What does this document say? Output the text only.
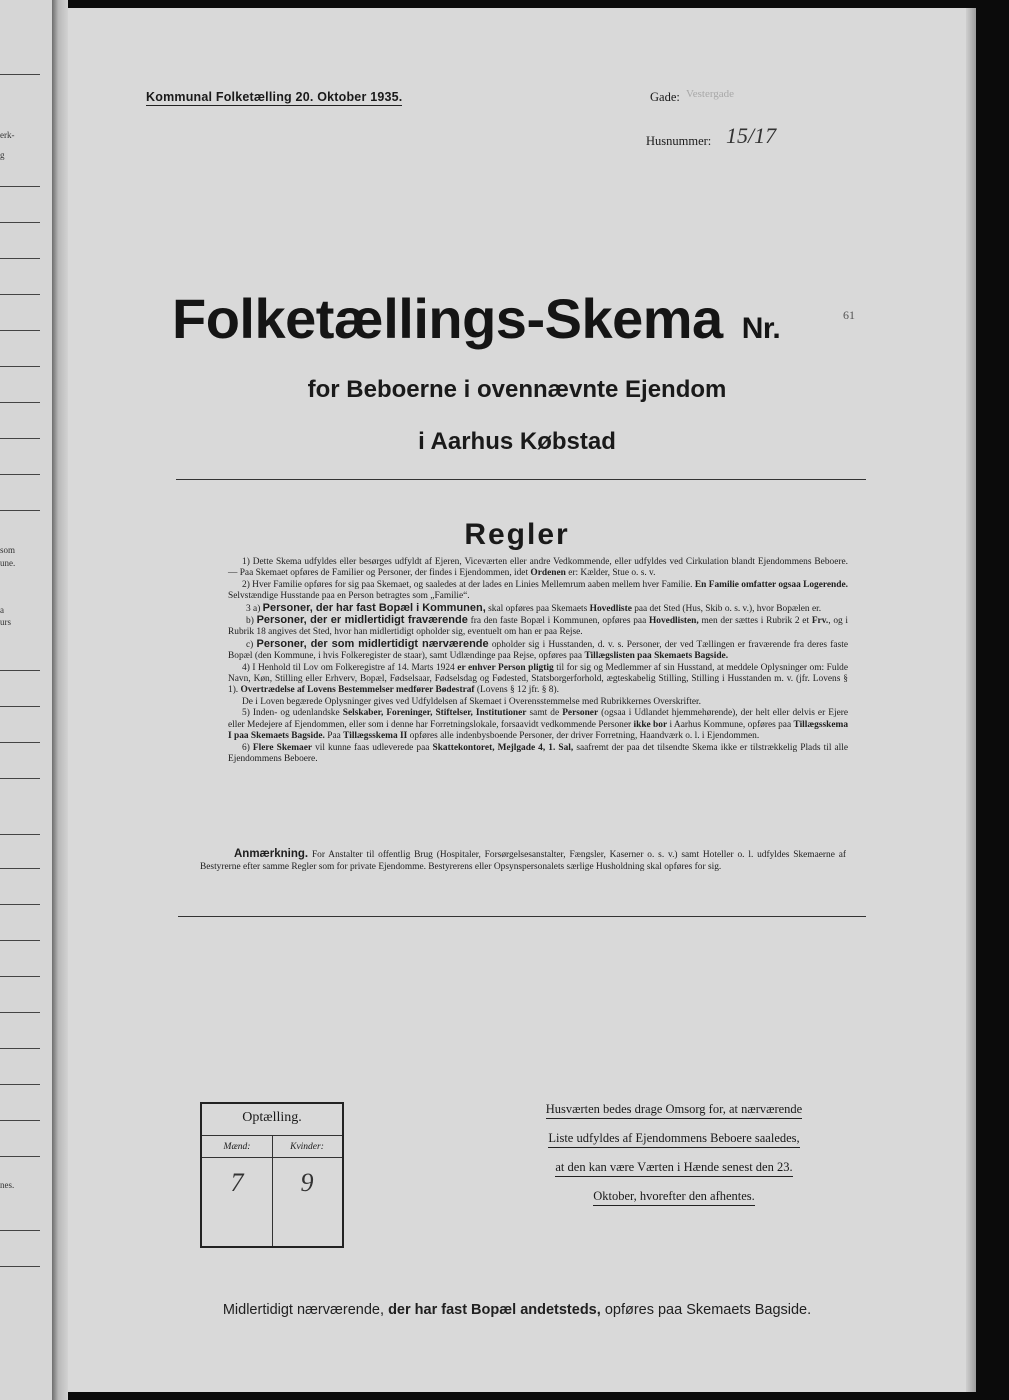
erk-
g
som
une.
a
urs
nes.
Kommunal Folketælling 20. Oktober 1935.	Gade: Vestergade
Husnummer: 15/17
Folketællings-Skema Nr.	61
for Beboerne i ovennævnte Ejendom
i Aarhus Købstad
Regler

1) Dette Skema udfyldes eller besørges udfyldt af Ejeren, Viceværten eller andre Vedkommende, eller udfyldes ved Cirkulation blandt Ejendommens Beboere. — Paa Skemaet opføres de Familier og Personer, der findes i Ejendommen, idet Ordenen er: Kælder, Stue o. s. v.

2) Hver Familie opføres for sig paa Skemaet, og saaledes at der lades en Linies Mellemrum aaben mellem hver Familie. En Familie omfatter ogsaa Logerende. Selvstændige Husstande paa en Person betragtes som „Familie“.

3 a) Personer, der har fast Bopæl i Kommunen, skal opføres paa Skemaets Hovedliste paa det Sted (Hus, Skib o. s. v.), hvor Bopælen er.

b) Personer, der er midlertidigt fraværende fra den faste Bopæl i Kommunen, opføres paa Hovedlisten, men der sættes i Rubrik 2 et Frv., og i Rubrik 18 angives det Sted, hvor han midlertidigt opholder sig, eventuelt om han er paa Rejse.

c) Personer, der som midlertidigt nærværende opholder sig i Husstanden, d. v. s. Personer, der ved Tællingen er fraværende fra deres faste Bopæl (den Kommune, i hvis Folkeregister de staar), samt Udlændinge paa Rejse, opføres paa Tillægslisten paa Skemaets Bagside.

4) I Henhold til Lov om Folkeregistre af 14. Marts 1924 er enhver Person pligtig til for sig og Medlemmer af sin Husstand, at meddele Oplysninger om: Fulde Navn, Køn, Stilling eller Erhverv, Bopæl, Fødselsaar, Fødselsdag og Fødested, Statsborgerforhold, ægteskabelig Stilling, Stilling i Husstanden m. v. (jfr. Lovens § 1). Overtrædelse af Lovens Bestemmelser medfører Bødestraf (Lovens § 12 jfr. § 8).

De i Loven begærede Oplysninger gives ved Udfyldelsen af Skemaet i Overensstemmelse med Rubrikkernes Overskrifter.

5) Inden- og udenlandske Selskaber, Foreninger, Stiftelser, Institutioner samt de Personer (ogsaa i Udlandet hjemmehørende), der helt eller delvis er Ejere eller Medejere af Ejendommen, eller som i denne har Forretningslokale, forsaavidt vedkommende Personer ikke bor i Aarhus Kommune, opføres paa Tillægsskema I paa Skemaets Bagside. Paa Tillægsskema II opføres alle indenbysboende Personer, der driver Forretning, Haandværk o. l. i Ejendommen.

6) Flere Skemaer vil kunne faas udleverede paa Skattekontoret, Mejlgade 4, 1. Sal, saafremt der paa det tilsendte Skema ikke er tilstrækkelig Plads til alle Ejendommens Beboere.

Anmærkning. For Anstalter til offentlig Brug (Hospitaler, Forsørgelsesanstalter, Fængsler, Kaserner o. s. v.) samt Hoteller o. l. udfyldes Skemaerne af Bestyrerne efter samme Regler som for private Ejendomme. Bestyrerens eller Opsynspersonalets særlige Husholdning skal opføres for sig.
Optælling.
Mænd:	Kvinder:
7	9
Husværten bedes drage Omsorg for, at nærværende
Liste udfyldes af Ejendommens Beboere saaledes,
at den kan være Værten i Hænde senest den 23.
Oktober, hvorefter den afhentes.
Midlertidigt nærværende, der har fast Bopæl andetsteds, opføres paa Skemaets Bagside.
